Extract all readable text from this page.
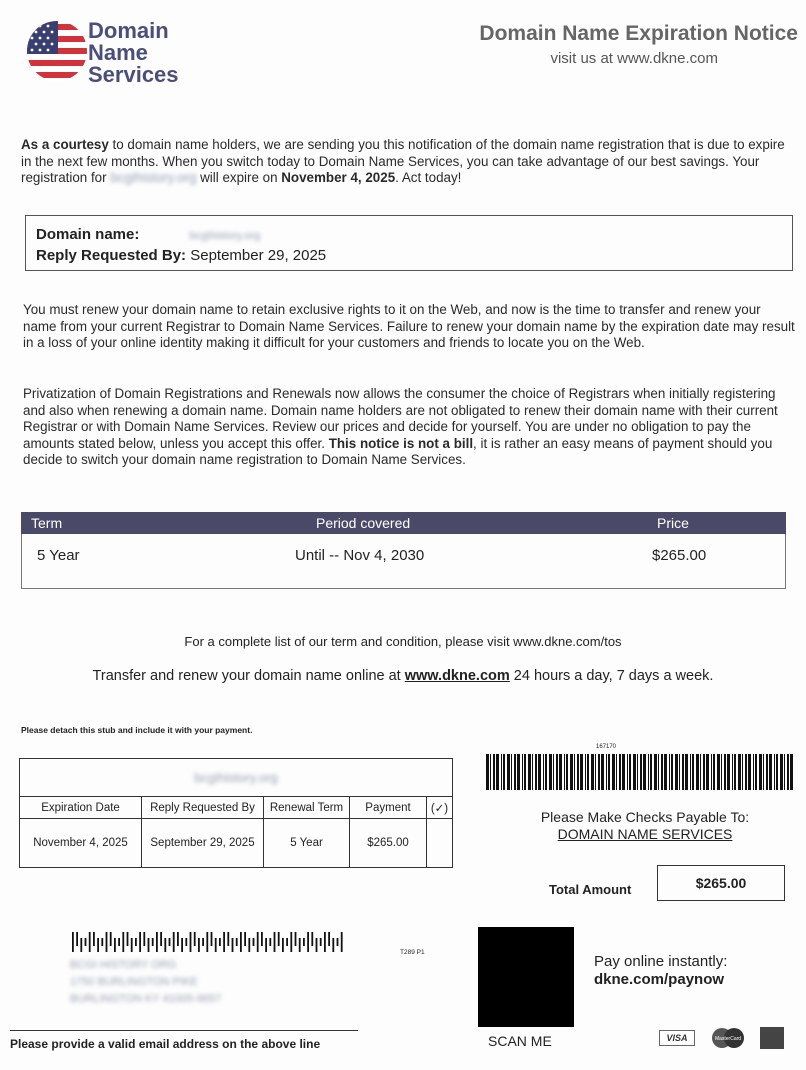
Domain
Name
Services
Domain Name Expiration Notice
visit us at www.dkne.com

As a courtesy to domain name holders, we are sending you this notification of the domain name registration that is due to expire in the next few months. When you switch today to Domain Name Services, you can take advantage of our best savings. Your registration for bcgihistory.org will expire on November 4, 2025. Act today!

Domain name:	bcgihistory.org
Reply Requested By: September 29, 2025

You must renew your domain name to retain exclusive rights to it on the Web, and now is the time to transfer and renew your name from your current Registrar to Domain Name Services. Failure to renew your domain name by the expiration date may result in a loss of your online identity making it difficult for your customers and friends to locate you on the Web.

Privatization of Domain Registrations and Renewals now allows the consumer the choice of Registrars when initially registering and also when renewing a domain name. Domain name holders are not obligated to renew their domain name with their current Registrar or with Domain Name Services. Review our prices and decide for yourself. You are under no obligation to pay the amounts stated below, unless you accept this offer. This notice is not a bill, it is rather an easy means of payment should you decide to switch your domain name registration to Domain Name Services.

Term	Period covered	Price
5 Year	Until -- Nov 4, 2030	$265.00
For a complete list of our term and condition, please visit www.dkne.com/tos
Transfer and renew your domain name online at www.dkne.com 24 hours a day, 7 days a week.
Please detach this stub and include it with your payment.
bcgihistory.org
Expiration Date	Reply Requested By	Renewal Term	Payment	(✓)
November 4, 2025	September 29, 2025	5 Year	$265.00
167170
Please Make Checks Payable To:
DOMAIN NAME SERVICES
Total Amount	$265.00
T289 P1
BCGI HISTORY ORG
1750 BURLINGTON PIKE
BURLINGTON KY 41005-9657
Please provide a valid email address on the above line	SCAN ME
Pay online instantly:
dkne.com/paynow
VISA	MasterCard
